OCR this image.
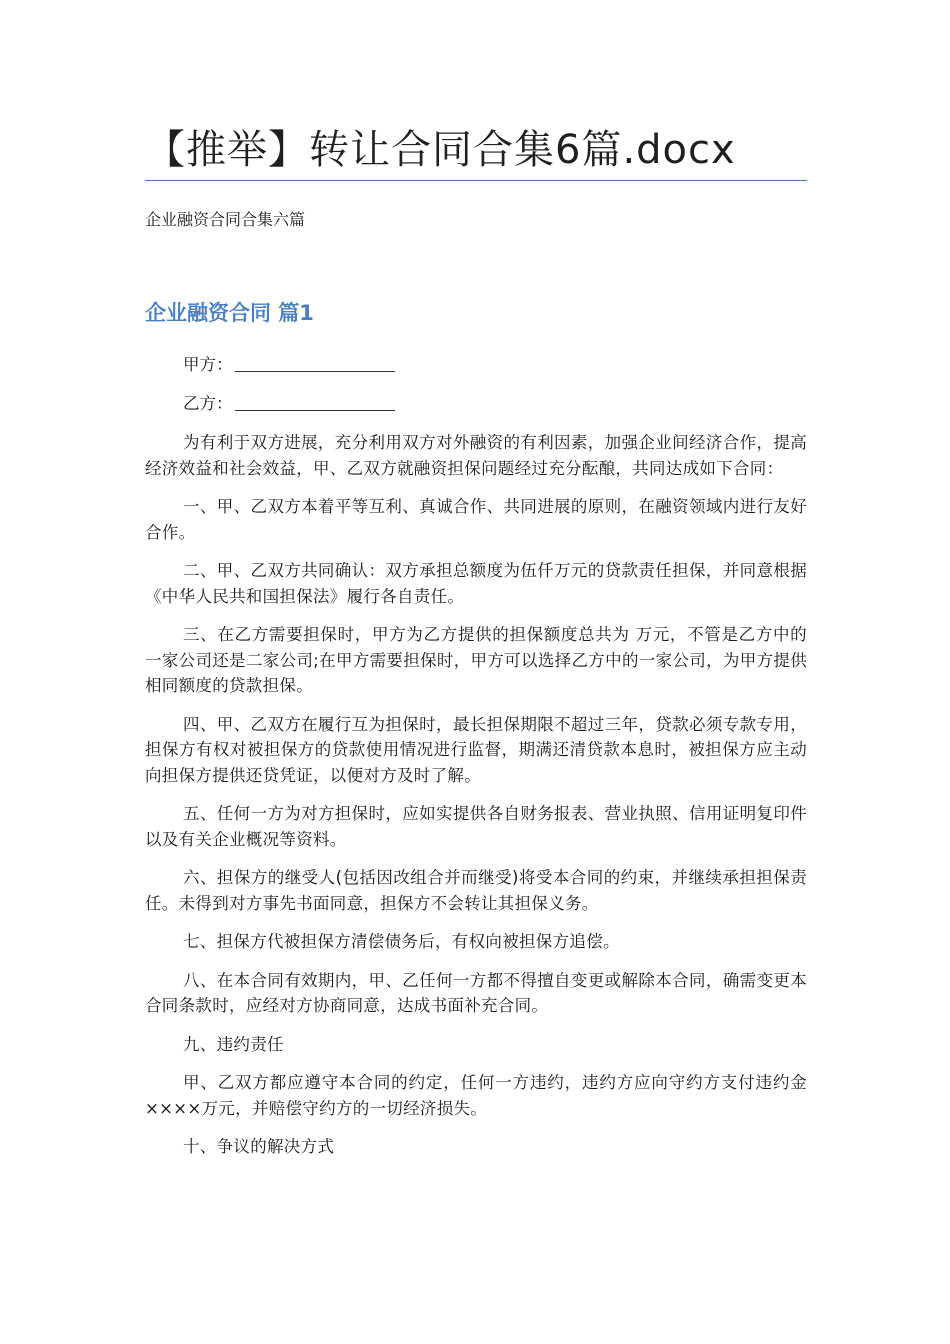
【推举】转让合同合集6篇.docx

企业融资合同合集六篇

企业融资合同 篇1

甲方：

乙方：

为有利于双方进展，充分利用双方对外融资的有利因素，加强企业间经济合作，提高经济效益和社会效益，甲、乙双方就融资担保问题经过充分酝酿，共同达成如下合同：

一、甲、乙双方本着平等互利、真诚合作、共同进展的原则，在融资领域内进行友好合作。

二、甲、乙双方共同确认：双方承担总额度为伍仟万元的贷款责任担保，并同意根据《中华人民共和国担保法》履行各自责任。

三、在乙方需要担保时，甲方为乙方提供的担保额度总共为 万元，不管是乙方中的一家公司还是二家公司;在甲方需要担保时，甲方可以选择乙方中的一家公司，为甲方提供相同额度的贷款担保。

四、甲、乙双方在履行互为担保时，最长担保期限不超过三年，贷款必须专款专用，担保方有权对被担保方的贷款使用情况进行监督，期满还清贷款本息时，被担保方应主动向担保方提供还贷凭证，以便对方及时了解。

五、任何一方为对方担保时，应如实提供各自财务报表、营业执照、信用证明复印件以及有关企业概况等资料。

六、担保方的继受人(包括因改组合并而继受)将受本合同的约束，并继续承担担保责任。未得到对方事先书面同意，担保方不会转让其担保义务。

七、担保方代被担保方清偿债务后，有权向被担保方追偿。

八、在本合同有效期内，甲、乙任何一方都不得擅自变更或解除本合同，确需变更本合同条款时，应经对方协商同意，达成书面补充合同。

九、违约责任

甲、乙双方都应遵守本合同的约定，任何一方违约，违约方应向守约方支付违约金××××万元，并赔偿守约方的一切经济损失。

十、争议的解决方式
